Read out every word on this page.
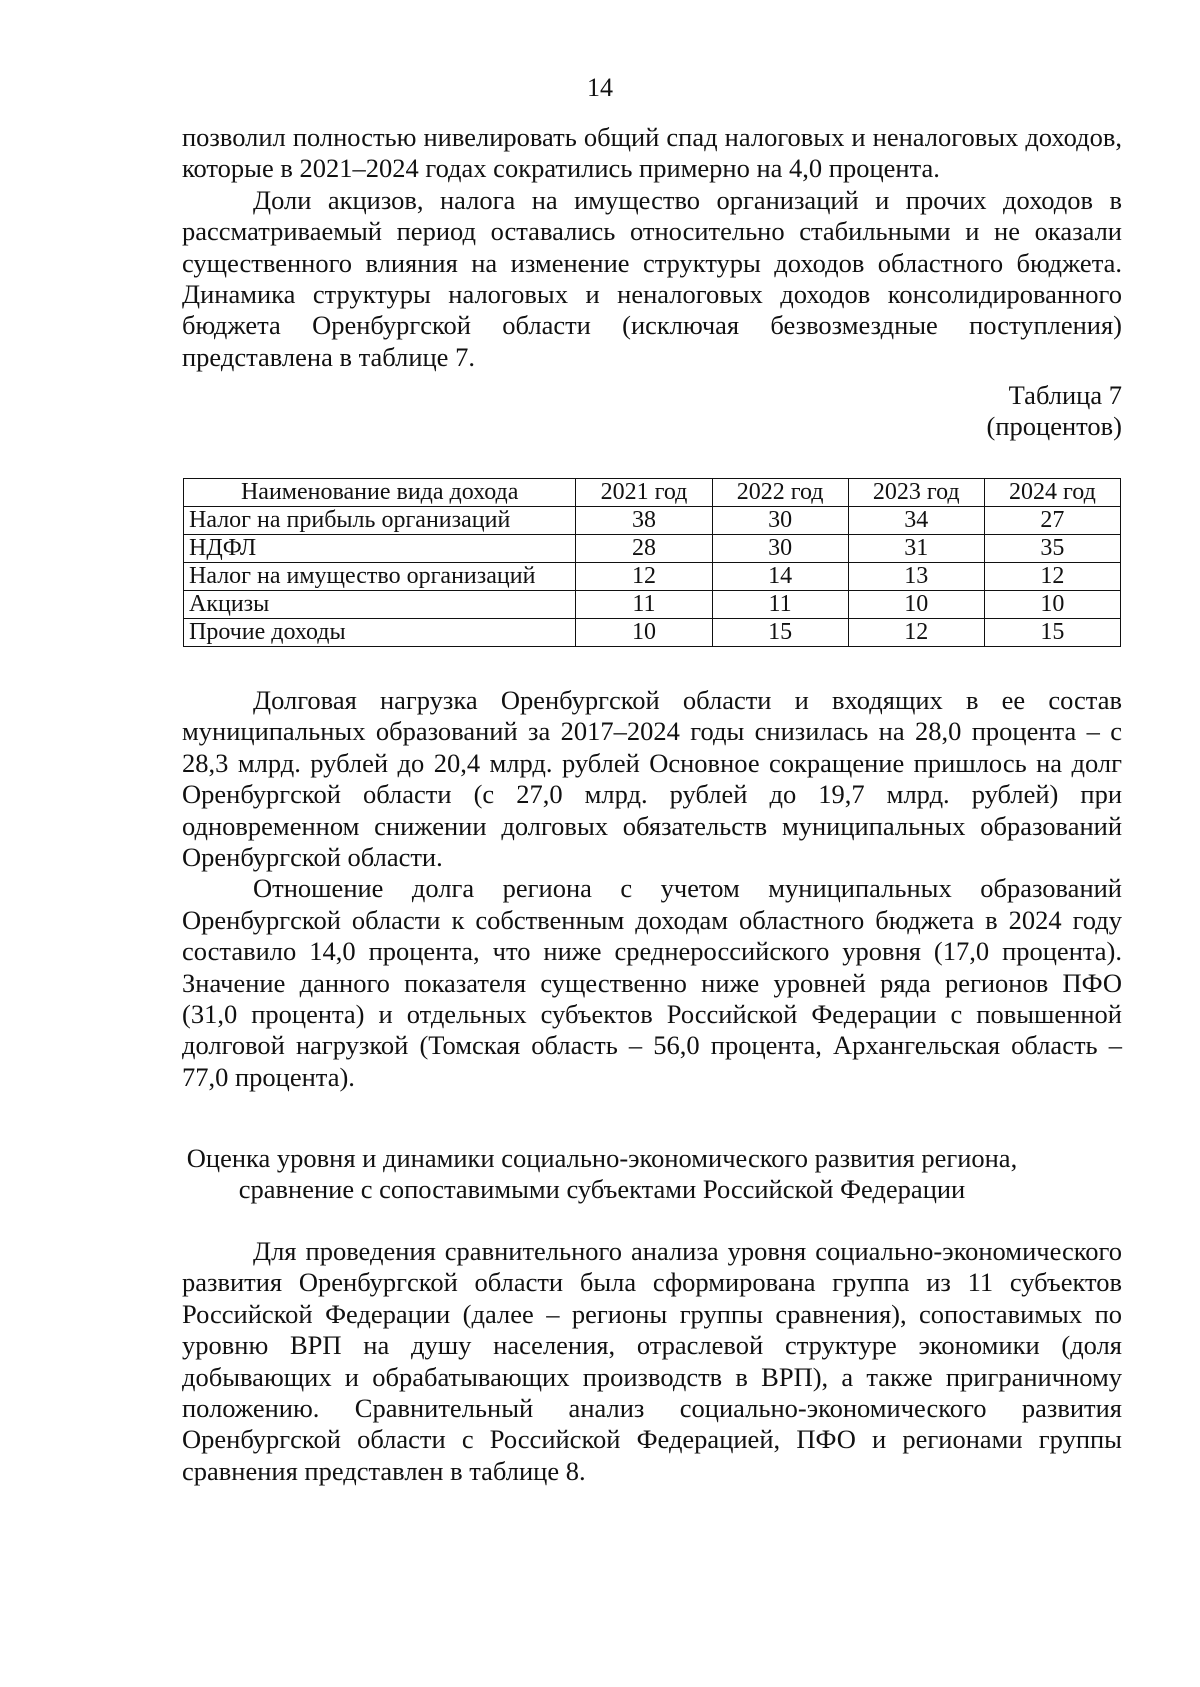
14

позволил полностью нивелировать общий спад налоговых и неналоговых доходов, которые в 2021–2024 годах сократились примерно на 4,0 процента.

Доли акцизов, налога на имущество организаций и прочих доходов в рассматриваемый период оставались относительно стабильными и не оказали существенного влияния на изменение структуры доходов областного бюджета. Динамика структуры налоговых и неналоговых доходов консолидированного бюджета Оренбургской области (исключая безвозмездные поступления) представлена в таблице 7.

Таблица 7
(процентов)
Наименование вида дохода	2021 год	2022 год	2023 год	2024 год
Налог на прибыль организаций	38	30	34	27
НДФЛ	28	30	31	35
Налог на имущество организаций	12	14	13	12
Акцизы	11	11	10	10
Прочие доходы	10	15	12	15

Долговая нагрузка Оренбургской области и входящих в ее состав муниципальных образований за 2017–2024 годы снизилась на 28,0 процента – с 28,3 млрд. рублей до 20,4 млрд. рублей Основное сокращение пришлось на долг Оренбургской области (с 27,0 млрд. рублей до 19,7 млрд. рублей) при одновременном снижении долговых обязательств муниципальных образований Оренбургской области.

Отношение долга региона с учетом муниципальных образований Оренбургской области к собственным доходам областного бюджета в 2024 году составило 14,0 процента, что ниже среднероссийского уровня (17,0 процента). Значение данного показателя существенно ниже уровней ряда регионов ПФО (31,0 процента) и отдельных субъектов Российской Федерации с повышенной долговой нагрузкой (Томская область – 56,0 процента, Архангельская область – 77,0 процента).

Оценка уровня и динамики социально-экономического развития региона,
сравнение с сопоставимыми субъектами Российской Федерации

Для проведения сравнительного анализа уровня социально-экономического развития Оренбургской области была сформирована группа из 11 субъектов Российской Федерации (далее – регионы группы сравнения), сопоставимых по уровню ВРП на душу населения, отраслевой структуре экономики (доля добывающих и обрабатывающих производств в ВРП), а также приграничному положению. Сравнительный анализ социально-экономического развития Оренбургской области с Российской Федерацией, ПФО и регионами группы сравнения представлен в таблице 8.
